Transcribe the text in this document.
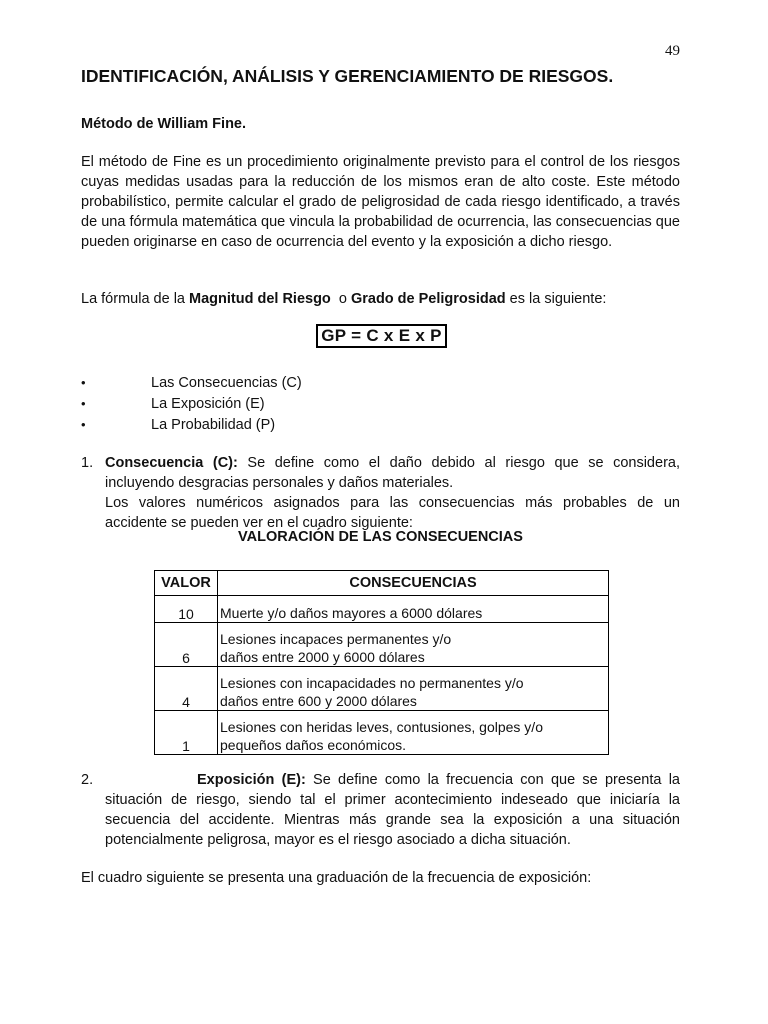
49
IDENTIFICACIÓN, ANÁLISIS Y GERENCIAMIENTO DE RIESGOS.
Método de William Fine.
El método de Fine es un procedimiento originalmente previsto para el control de los riesgos cuyas medidas usadas para la reducción de los mismos eran de alto coste. Este método probabilístico, permite calcular el grado de peligrosidad de cada riesgo identificado, a través de una fórmula matemática que vincula la probabilidad de ocurrencia, las consecuencias que pueden originarse en caso de ocurrencia del evento y la exposición a dicho riesgo.
La fórmula de la Magnitud del Riesgo  o Grado de Peligrosidad es la siguiente:
GP = C x E x P
•	Las Consecuencias (C)
•	La Exposición (E)
•	La Probabilidad (P)
1. Consecuencia (C): Se define como el daño debido al riesgo que se considera, incluyendo desgracias personales y daños materiales.
Los valores numéricos asignados para las consecuencias más probables de un accidente se pueden ver en el cuadro siguiente:
VALORACIÓN DE LAS CONSECUENCIAS
VALOR	CONSECUENCIAS
10	Muerte y/o daños mayores a 6000 dólares
6	Lesiones incapaces permanentes y/o
daños entre 2000 y 6000 dólares
4	Lesiones con incapacidades no permanentes y/o
daños entre 600 y 2000 dólares
1	Lesiones con heridas leves, contusiones, golpes y/o
pequeños daños económicos.
2.	Exposición (E): Se define como la frecuencia con que se presenta la situación de riesgo, siendo tal el primer acontecimiento indeseado que iniciaría la secuencia del accidente. Mientras más grande sea la exposición a una situación potencialmente peligrosa, mayor es el riesgo asociado a dicha situación.
El cuadro siguiente se presenta una graduación de la frecuencia de exposición:
